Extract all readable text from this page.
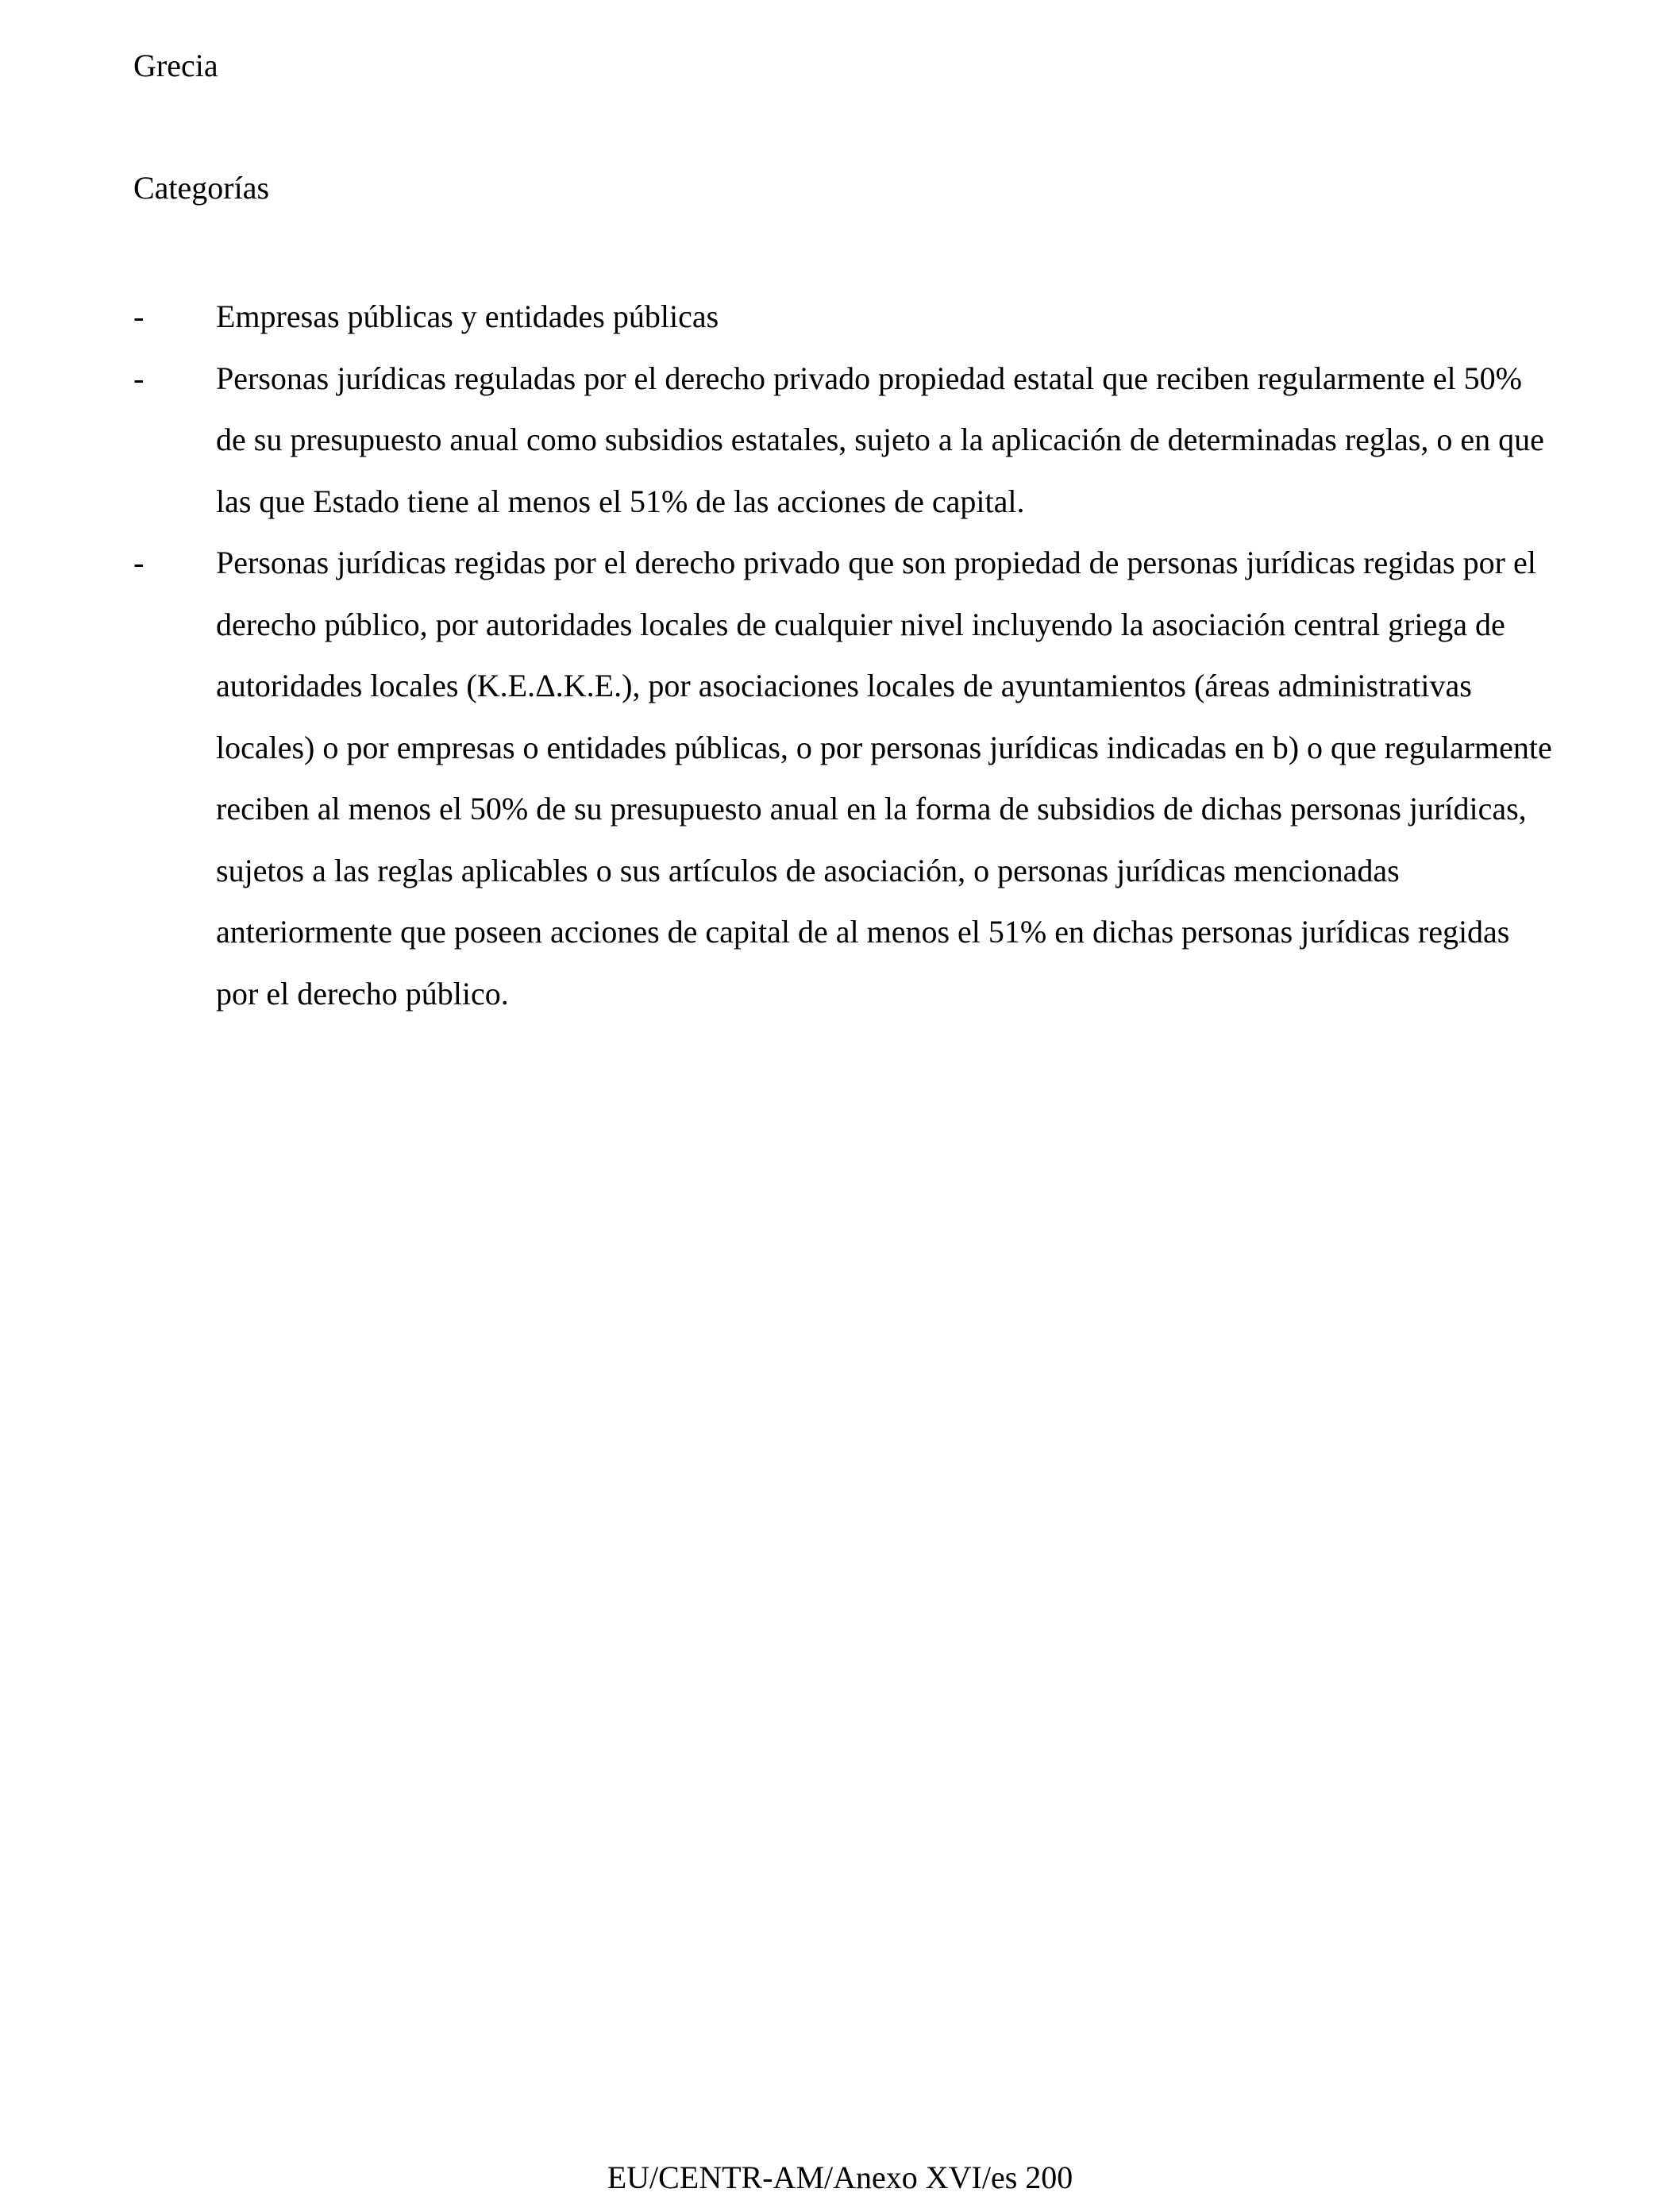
Grecia
Categorías
- Empresas públicas y entidades públicas
- Personas jurídicas reguladas por el derecho privado propiedad estatal que reciben regularmente el 50% de su presupuesto anual como subsidios estatales, sujeto a la aplicación de determinadas reglas, o en que las que Estado tiene al menos el 51% de las acciones de capital.
- Personas jurídicas regidas por el derecho privado que son propiedad de personas jurídicas regidas por el derecho público, por autoridades locales de cualquier nivel incluyendo la asociación central griega de autoridades locales (K.E.Δ.K.E.), por asociaciones locales de ayuntamientos (áreas administrativas locales) o por empresas o entidades públicas, o por personas jurídicas indicadas en b) o que regularmente reciben al menos el 50% de su presupuesto anual en la forma de subsidios de dichas personas jurídicas, sujetos a las reglas aplicables o sus artículos de asociación, o personas jurídicas mencionadas anteriormente que poseen acciones de capital de al menos el 51% en dichas personas jurídicas regidas por el derecho público.
EU/CENTR-AM/Anexo XVI/es 200
